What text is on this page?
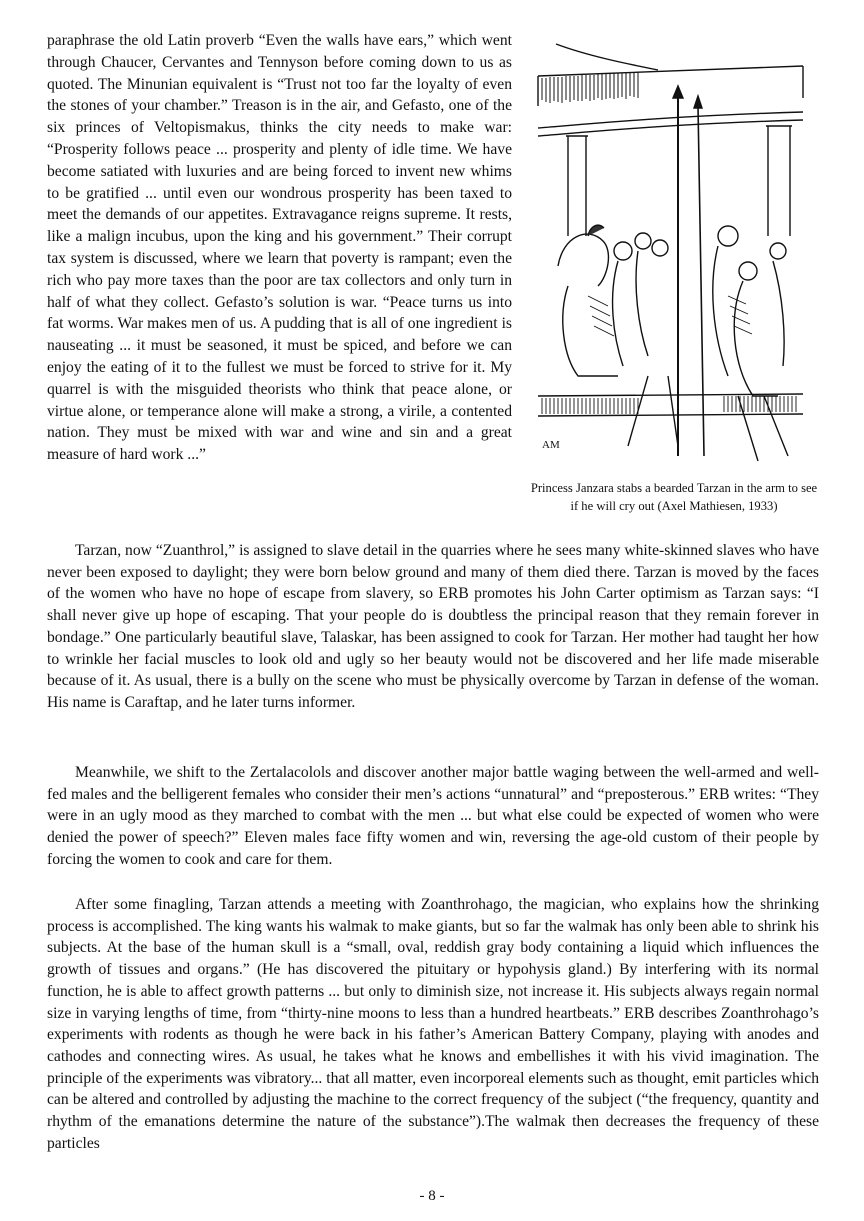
paraphrase the old Latin proverb “Even the walls have ears,” which went through Chaucer, Cervantes and Tennyson before coming down to us as quoted. The Minunian equivalent is “Trust not too far the loyalty of even the stones of your chamber.” Treason is in the air, and Gefasto, one of the six princes of Veltopismakus, thinks the city needs to make war: “Prosperity follows peace ... prosperity and plenty of idle time. We have become satiated with luxuries and are being forced to invent new whims to be gratified ... until even our wondrous prosperity has been taxed to meet the demands of our appetites. Extravagance reigns supreme. It rests, like a malign incubus, upon the king and his government.” Their corrupt tax system is discussed, where we learn that poverty is rampant; even the rich who pay more taxes than the poor are tax collectors and only turn in half of what they collect. Gefasto’s solution is war. “Peace turns us into fat worms. War makes men of us. A pudding that is all of one ingredient is nauseating ... it must be seasoned, it must be spiced, and before we can enjoy the eating of it to the fullest we must be forced to strive for it. My quarrel is with the misguided theorists who think that peace alone, or virtue alone, or temperance alone will make a strong, a virile, a contented nation. They must be mixed with war and wine and sin and a great measure of hard work ...”
AM
Princess Janzara stabs a bearded Tarzan in the arm to see if he will cry out (Axel Mathiesen, 1933)

Tarzan, now “Zuanthrol,” is assigned to slave detail in the quarries where he sees many white-skinned slaves who have never been exposed to daylight; they were born below ground and many of them died there. Tarzan is moved by the faces of the women who have no hope of escape from slavery, so ERB promotes his John Carter optimism as Tarzan says: “I shall never give up hope of escaping. That your people do is doubtless the principal reason that they remain forever in bondage.” One particularly beautiful slave, Talaskar, has been assigned to cook for Tarzan. Her mother had taught her how to wrinkle her facial muscles to look old and ugly so her beauty would not be discovered and her life made miserable because of it. As usual, there is a bully on the scene who must be physically overcome by Tarzan in defense of the woman. His name is Caraftap, and he later turns informer.

Meanwhile, we shift to the Zertalacolols and discover another major battle waging between the well-armed and well-fed males and the belligerent females who consider their men’s actions “unnatural” and “preposterous.” ERB writes: “They were in an ugly mood as they marched to combat with the men ... but what else could be expected of women who were denied the power of speech?” Eleven males face fifty women and win, reversing the age-old custom of their people by forcing the women to cook and care for them.

After some finagling, Tarzan attends a meeting with Zoanthrohago, the magician, who explains how the shrinking process is accomplished. The king wants his walmak to make giants, but so far the walmak has only been able to shrink his subjects. At the base of the human skull is a “small, oval, reddish gray body containing a liquid which influences the growth of tissues and organs.” (He has discovered the pituitary or hypohysis gland.) By interfering with its normal function, he is able to affect growth patterns ... but only to diminish size, not increase it. His subjects always regain normal size in varying lengths of time, from “thirty-nine moons to less than a hundred heartbeats.” ERB describes Zoanthrohago’s experiments with rodents as though he were back in his father’s American Battery Company, playing with anodes and cathodes and connecting wires. As usual, he takes what he knows and embellishes it with his vivid imagination. The principle of the experiments was vibratory... that all matter, even incorporeal elements such as thought, emit particles which can be altered and controlled by adjusting the machine to the correct frequency of the subject (“the frequency, quantity and rhythm of the emanations determine the nature of the substance”).The walmak then decreases the frequency of these particles

- 8 -
